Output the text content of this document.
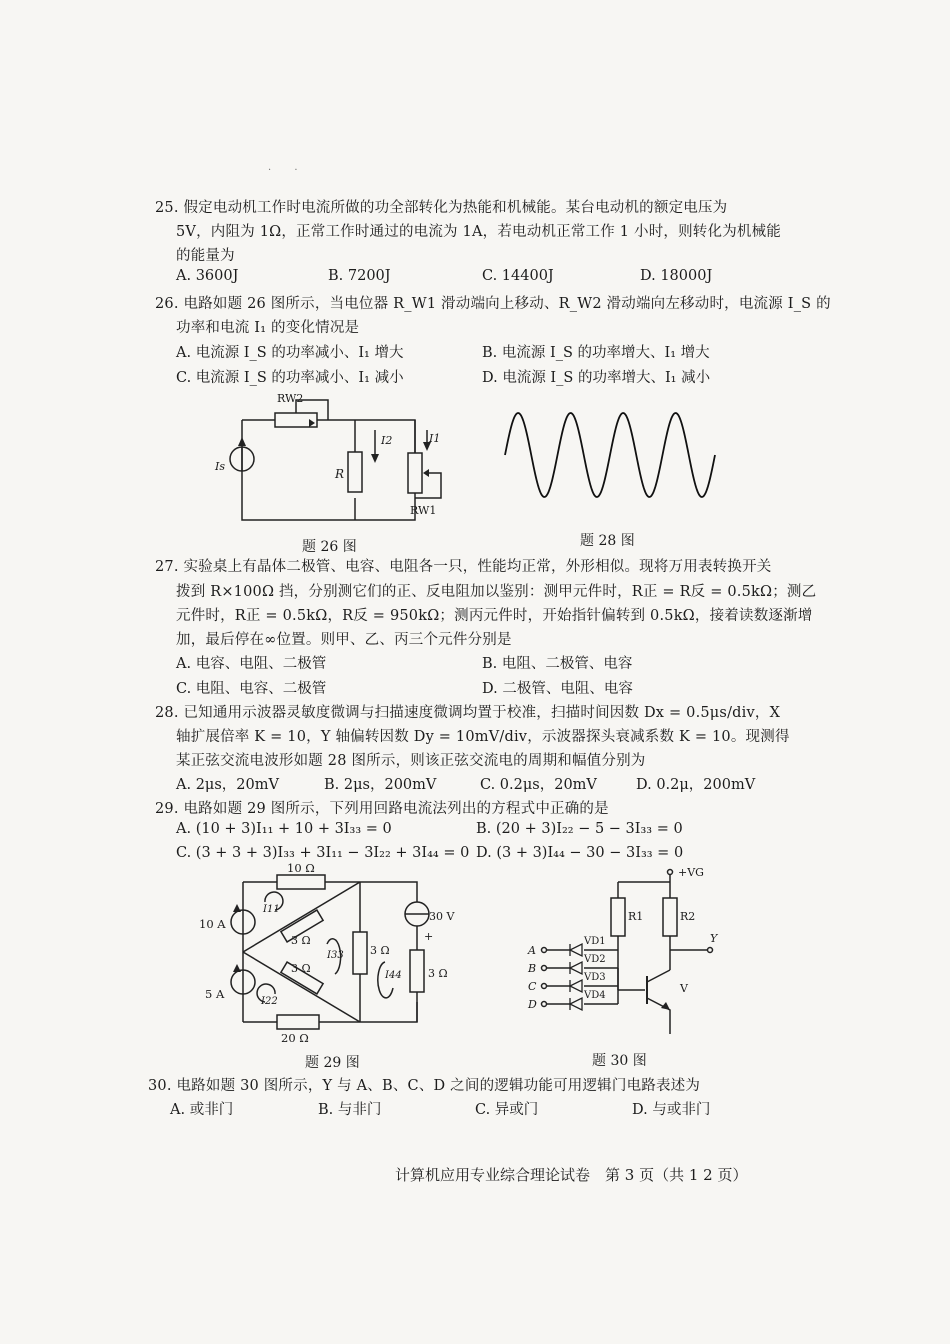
· ·
25. 假定电动机工作时电流所做的功全部转化为热能和机械能。某台电动机的额定电压为
5V，内阻为 1Ω，正常工作时通过的电流为 1A，若电动机正常工作 1 小时，则转化为机械能
的能量为
A. 3600J	B. 7200J	C. 14400J	D. 18000J
26. 电路如题 26 图所示，当电位器 R_W1 滑动端向上移动、R_W2 滑动端向左移动时，电流源 I_S 的
功率和电流 I₁ 的变化情况是
A. 电流源 I_S 的功率减小、I₁ 增大	B. 电流源 I_S 的功率增大、I₁ 增大
C. 电流源 I_S 的功率减小、I₁ 减小	D. 电流源 I_S 的功率增大、I₁ 减小
RW2
Is
R
I2	I1
RW1
题 26 图	题 28 图
27. 实验桌上有晶体二极管、电容、电阻各一只，性能均正常，外形相似。现将万用表转换开关
拨到 R×100Ω 挡，分别测它们的正、反电阻加以鉴别：测甲元件时，R正 = R反 = 0.5kΩ；测乙
元件时，R正 = 0.5kΩ，R反 = 950kΩ；测丙元件时，开始指针偏转到 0.5kΩ，接着读数逐渐增
加，最后停在∞位置。则甲、乙、丙三个元件分别是
A. 电容、电阻、二极管	B. 电阻、二极管、电容
C. 电阻、电容、二极管	D. 二极管、电阻、电容
28. 已知通用示波器灵敏度微调与扫描速度微调均置于校准，扫描时间因数 Dx = 0.5μs/div，X
轴扩展倍率 K = 10，Y 轴偏转因数 Dy = 10mV/div，示波器探头衰减系数 K = 10。现测得
某正弦交流电波形如题 28 图所示，则该正弦交流电的周期和幅值分别为
A. 2μs，20mV	B. 2μs，200mV	C. 0.2μs，20mV	D. 0.2μ，200mV
29. 电路如题 29 图所示，下列用回路电流法列出的方程式中正确的是
A. (10 + 3)I₁₁ + 10 + 3I₃₃ = 0	B. (20 + 3)I₂₂ − 5 − 3I₃₃ = 0
C. (3 + 3 + 3)I₃₃ + 3I₁₁ − 3I₂₂ + 3I₄₄ = 0 D. (3 + 3)I₄₄ − 30 − 3I₃₃ = 0
10 Ω
20 Ω
10 A
5 A
3 Ω
3 Ω
3 Ω
3 Ω
30 V
+
I11
I22
I33
I44
题 29 图
+VG
R1	R2
Y
V
A
B
C
D
VD1
VD2
VD3
VD4
题 30 图
30. 电路如题 30 图所示，Y 与 A、B、C、D 之间的逻辑功能可用逻辑门电路表述为
A. 或非门	B. 与非门	C. 异或门	D. 与或非门
计算机应用专业综合理论试卷　第 3 页（共 1 2 页）
